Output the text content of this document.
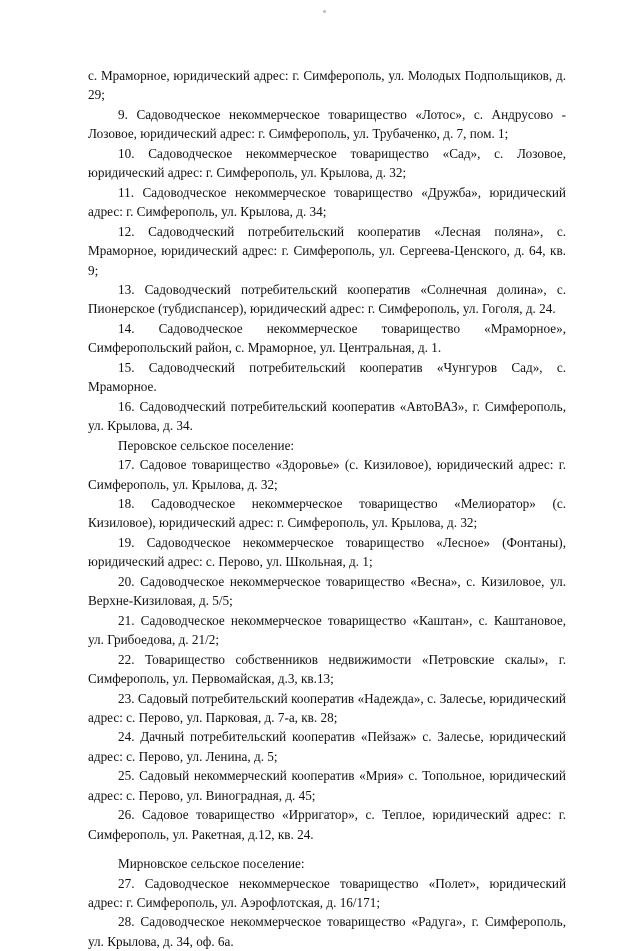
с. Мраморное, юридический адрес: г. Симферополь, ул. Молодых Подпольщиков, д. 29;

9. Садоводческое некоммерческое товарищество «Лотос», с. Андрусово - Лозовое, юридический адрес: г. Симферополь, ул. Трубаченко, д. 7, пом. 1;

10. Садоводческое некоммерческое товарищество «Сад», с. Лозовое, юридический адрес: г. Симферополь, ул. Крылова, д. 32;

11. Садоводческое некоммерческое товарищество «Дружба», юридический адрес: г. Симферополь, ул. Крылова, д. 34;

12. Садоводческий потребительский кооператив «Лесная поляна», с. Мраморное, юридический адрес: г. Симферополь, ул. Сергеева-Ценского, д. 64, кв. 9;

13. Садоводческий потребительский кооператив «Солнечная долина», с. Пионерское (тубдиспансер), юридический адрес: г. Симферополь, ул. Гоголя, д. 24.

14. Садоводческое некоммерческое товарищество «Мраморное», Симферопольский район, с. Мраморное, ул. Центральная, д. 1.

15. Садоводческий потребительский кооператив «Чунгуров Сад», с. Мраморное.

16. Садоводческий потребительский кооператив «АвтоВАЗ», г. Симферополь, ул. Крылова, д. 34.

Перовское сельское поселение:

17. Садовое товарищество «Здоровье» (с. Кизиловое), юридический адрес: г. Симферополь, ул. Крылова, д. 32;

18. Садоводческое некоммерческое товарищество «Мелиоратор» (с. Кизиловое), юридический адрес: г. Симферополь, ул. Крылова, д. 32;

19. Садоводческое некоммерческое товарищество «Лесное» (Фонтаны), юридический адрес: с. Перово, ул. Школьная, д. 1;

20. Садоводческое некоммерческое товарищество «Весна», с. Кизиловое, ул. Верхне-Кизиловая, д. 5/5;

21. Садоводческое некоммерческое товарищество «Каштан», с. Каштановое, ул. Грибоедова, д. 21/2;

22. Товарищество собственников недвижимости «Петровские скалы», г. Симферополь, ул. Первомайская, д.3, кв.13;

23. Садовый потребительский кооператив «Надежда», с. Залесье, юридический адрес: с. Перово, ул. Парковая, д. 7-а, кв. 28;

24. Дачный потребительский кооператив «Пейзаж» с. Залесье, юридический адрес: с. Перово, ул. Ленина, д. 5;

25. Садовый некоммерческий кооператив «Мрия» с. Топольное, юридический адрес: с. Перово, ул. Виноградная, д. 45;

26. Садовое товарищество «Ирригатор», с. Теплое, юридический адрес: г. Симферополь, ул. Ракетная, д.12, кв. 24.

Мирновское сельское поселение:

27. Садоводческое некоммерческое товарищество «Полет», юридический адрес: г. Симферополь, ул. Аэрофлотская, д. 16/171;

28. Садоводческое некоммерческое товарищество «Радуга», г. Симферополь, ул. Крылова, д. 34, оф. 6а.
